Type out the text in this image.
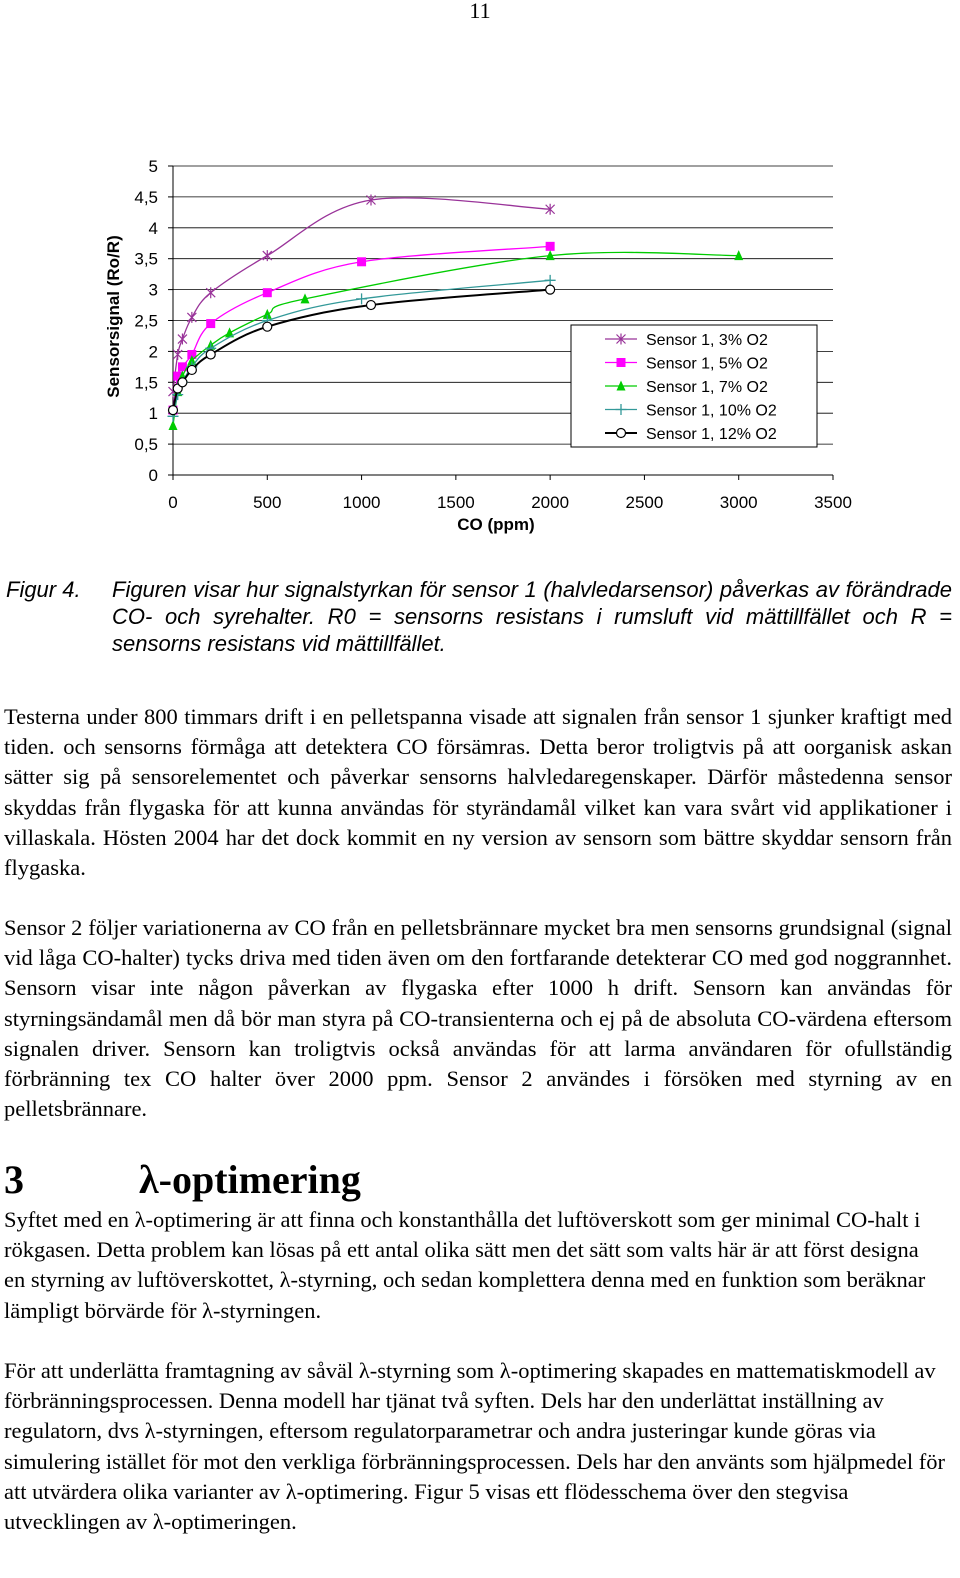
11
0
0,5
1
1,5
2
2,5
3
3,5
4
4,5
5
0	500	1000	1500	2000	2500	3000	3500
CO (ppm)
Sensorsignal (Ro/R)	Sensor 1, 3% O2
Sensor 1, 5% O2
Sensor 1, 7% O2
Sensor 1, 10% O2
Sensor 1, 12% O2
Figur 4. Figuren visar hur signalstyrkan för sensor 1 (halvledarsensor) påverkas av förändrade CO- och syrehalter. R0 = sensorns resistans i rumsluft vid mättillfället och R = sensorns resistans vid mättillfället.
Testerna under 800 timmars drift i en pelletspanna visade att signalen från sensor 1 sjunker kraftigt med tiden. och sensorns förmåga att detektera CO försämras. Detta beror troligtvis på att oorganisk askan sätter sig på sensorelementet och påverkar sensorns halvledaregenskaper. Därför måstedenna sensor skyddas från flygaska för att kunna användas för styrändamål vilket kan vara svårt vid applikationer i villaskala. Hösten 2004 har det dock kommit en ny version av sensorn som bättre skyddar sensorn från flygaska.
Sensor 2 följer variationerna av CO från en pelletsbrännare mycket bra men sensorns grundsignal (signal vid låga CO-halter) tycks driva med tiden även om den fortfarande detekterar CO med god noggrannhet. Sensorn visar inte någon påverkan av flygaska efter 1000 h drift. Sensorn kan användas för styrningsändamål men då bör man styra på CO-transienterna och ej på de absoluta CO-värdena eftersom signalen driver. Sensorn kan troligtvis också användas för att larma användaren för ofullständig förbränning tex CO halter över 2000 ppm. Sensor 2 användes i försöken med styrning av en pelletsbrännare.
3	λ-optimering
Syftet med en λ-optimering är att finna och konstanthålla det luftöverskott som ger minimal CO-halt i rökgasen. Detta problem kan lösas på ett antal olika sätt men det sätt som valts här är att först designa en styrning av luftöverskottet, λ-styrning, och sedan komplettera denna med en funktion som beräknar lämpligt börvärde för λ-styrningen.
För att underlätta framtagning av såväl λ-styrning som λ-optimering skapades en mattematiskmodell av förbränningsprocessen. Denna modell har tjänat två syften. Dels har den underlättat inställning av regulatorn, dvs λ-styrningen, eftersom regulatorparametrar och andra justeringar kunde göras via simulering istället för mot den verkliga förbränningsprocessen. Dels har den använts som hjälpmedel för att utvärdera olika varianter av λ-optimering. Figur 5 visas ett flödesschema över den stegvisa utvecklingen av λ-optimeringen.
